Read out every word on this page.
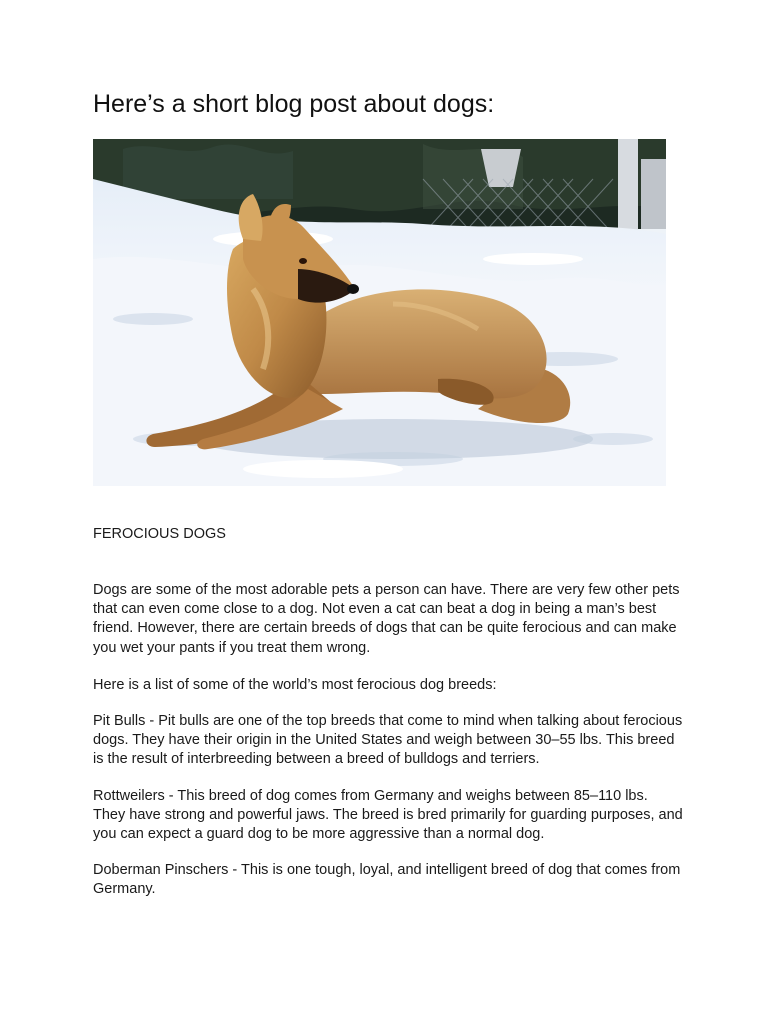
Here’s a short blog post about dogs:
FEROCIOUS DOGS

Dogs are some of the most adorable pets a person can have. There are very few other pets that can even come close to a dog. Not even a cat can beat a dog in being a man’s best friend. However, there are certain breeds of dogs that can be quite ferocious and can make you wet your pants if you treat them wrong.

Here is a list of some of the world’s most ferocious dog breeds:

Pit Bulls - Pit bulls are one of the top breeds that come to mind when talking about ferocious dogs. They have their origin in the United States and weigh between 30–55 lbs. This breed is the result of interbreeding between a breed of bulldogs and terriers.

Rottweilers - This breed of dog comes from Germany and weighs between 85–110 lbs. They have strong and powerful jaws. The breed is bred primarily for guarding purposes, and you can expect a guard dog to be more aggressive than a normal dog.

Doberman Pinschers - This is one tough, loyal, and intelligent breed of dog that comes from Germany.
